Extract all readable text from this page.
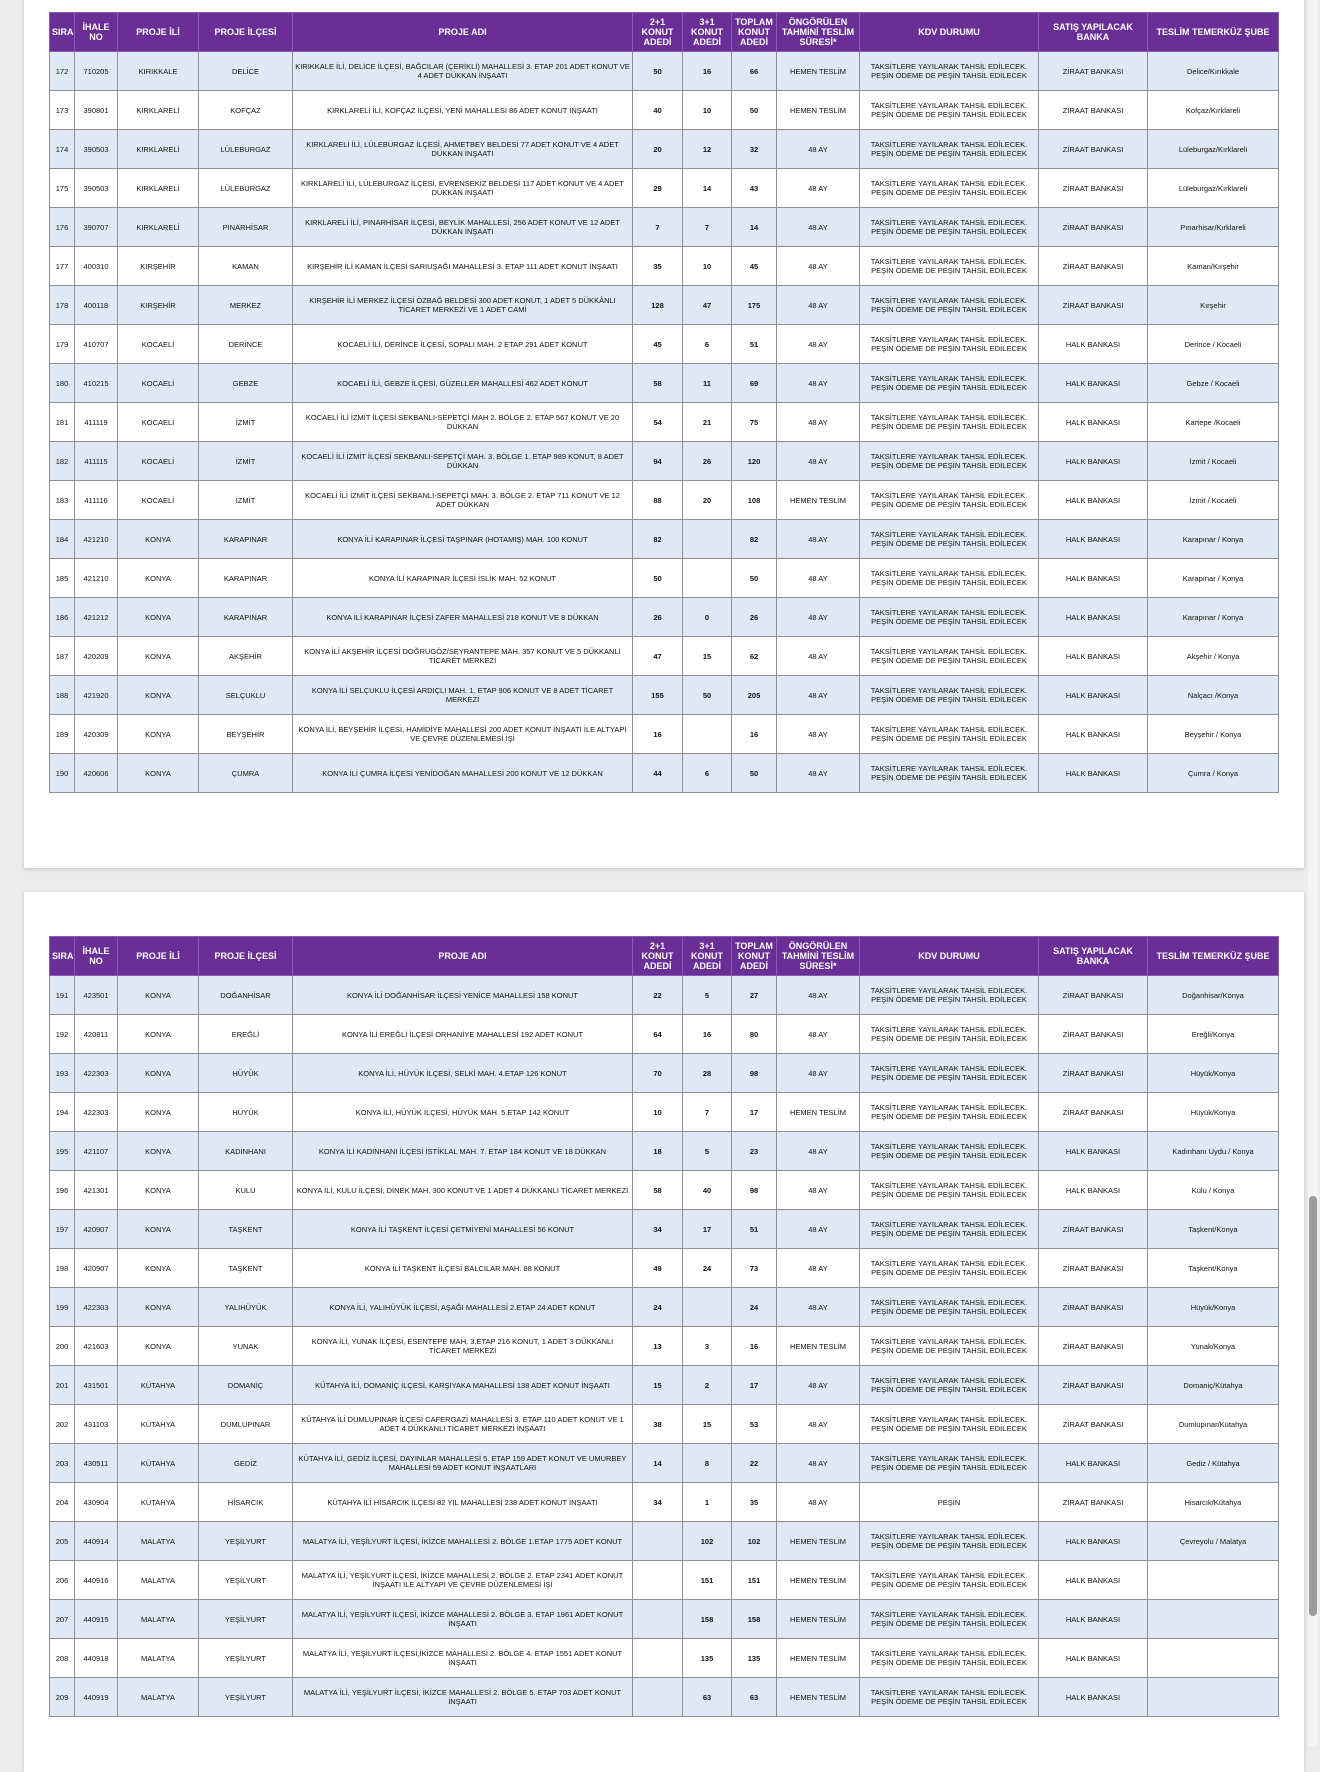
SIRA	İHALE NO	PROJE İLİ	PROJE İLÇESİ	PROJE ADI	2+1 KONUT ADEDİ	3+1 KONUT ADEDİ	TOPLAM KONUT ADEDİ	ÖNGÖRÜLEN TAHMİNİ TESLİM SÜRESİ*	KDV DURUMU	SATIŞ YAPILACAK BANKA	TESLİM TEMERKÜZ ŞUBE
172	710205	KIRIKKALE	DELİCE	KIRIKKALE İLİ, DELİCE İLÇESİ, BAĞCILAR (ÇERİKLİ) MAHALLESİ 3. ETAP 201 ADET KONUT VE 4 ADET DÜKKAN İNŞAATI	50	16	66	HEMEN TESLİM	TAKSİTLERE YAYILARAK TAHSİL EDİLECEK. PEŞİN ÖDEME DE PEŞİN TAHSİL EDİLECEK	ZİRAAT BANKASI	Delice/Kırıkkale
173	390801	KIRKLARELİ	KOFÇAZ	KIRKLARELİ İLİ, KOFÇAZ İLÇESİ, YENİ MAHALLESİ 86 ADET KONUT İNŞAATI	40	10	50	HEMEN TESLİM	TAKSİTLERE YAYILARAK TAHSİL EDİLECEK. PEŞİN ÖDEME DE PEŞİN TAHSİL EDİLECEK	ZİRAAT BANKASI	Kofçaz/Kırklareli
174	390503	KIRKLARELİ	LÜLEBURGAZ	KIRKLARELİ İLİ, LÜLEBURGAZ İLÇESİ, AHMETBEY BELDESİ 77 ADET KONUT VE 4 ADET DÜKKAN İNŞAATI	20	12	32	48 AY	TAKSİTLERE YAYILARAK TAHSİL EDİLECEK. PEŞİN ÖDEME DE PEŞİN TAHSİL EDİLECEK	ZİRAAT BANKASI	Lüleburgaz/Kırklareli
175	390503	KIRKLARELİ	LÜLEBURGAZ	KIRKLARELİ İLİ, LÜLEBURGAZ İLÇESİ, EVRENSEKİZ BELDESİ 117 ADET KONUT VE 4 ADET DÜKKAN İNŞAATI	29	14	43	48 AY	TAKSİTLERE YAYILARAK TAHSİL EDİLECEK. PEŞİN ÖDEME DE PEŞİN TAHSİL EDİLECEK	ZİRAAT BANKASI	Lüleburgaz/Kırklareli
176	390707	KIRKLARELİ	PINARHİSAR	KIRKLARELİ İLİ, PINARHİSAR İLÇESİ, BEYLİK MAHALLESİ, 256 ADET KONUT VE 12 ADET DÜKKAN İNŞAATI	7	7	14	48 AY	TAKSİTLERE YAYILARAK TAHSİL EDİLECEK. PEŞİN ÖDEME DE PEŞİN TAHSİL EDİLECEK	ZİRAAT BANKASI	Pınarhisar/Kırklareli
177	400310	KIRŞEHİR	KAMAN	KIRŞEHİR İLİ KAMAN İLÇESİ SARIUŞAĞI MAHALLESİ 3. ETAP 111 ADET KONUT İNŞAATI	35	10	45	48 AY	TAKSİTLERE YAYILARAK TAHSİL EDİLECEK. PEŞİN ÖDEME DE PEŞİN TAHSİL EDİLECEK	ZİRAAT BANKASI	Kaman/Kırşehir
178	400118	KIRŞEHİR	MERKEZ	KIRŞEHİR İLİ MERKEZ İLÇESİ ÖZBAĞ BELDESİ 300 ADET KONUT, 1 ADET 5 DÜKKÂNLI TİCARET MERKEZİ VE 1 ADET CAMİ	128	47	175	48 AY	TAKSİTLERE YAYILARAK TAHSİL EDİLECEK. PEŞİN ÖDEME DE PEŞİN TAHSİL EDİLECEK	ZİRAAT BANKASI	Kırşehir
179	410707	KOCAELİ	DERİNCE	KOCAELİ İLİ, DERİNCE İLÇESİ, SOPALI MAH. 2 ETAP 291 ADET KONUT	45	6	51	48 AY	TAKSİTLERE YAYILARAK TAHSİL EDİLECEK. PEŞİN ÖDEME DE PEŞİN TAHSİL EDİLECEK	HALK BANKASI	Derince / Kocaeli
180	410215	KOCAELİ	GEBZE	KOCAELİ İLİ, GEBZE İLÇESİ, GÜZELLER MAHALLESİ 462 ADET KONUT	58	11	69	48 AY	TAKSİTLERE YAYILARAK TAHSİL EDİLECEK. PEŞİN ÖDEME DE PEŞİN TAHSİL EDİLECEK	HALK BANKASI	Gebze / Kocaeli
181	411119	KOCAELİ	İZMİT	KOCAELİ İLİ İZMİT İLÇESİ SEKBANLI-SEPETÇİ MAH 2. BÖLGE 2. ETAP 567 KONUT VE 20 DÜKKAN	54	21	75	48 AY	TAKSİTLERE YAYILARAK TAHSİL EDİLECEK. PEŞİN ÖDEME DE PEŞİN TAHSİL EDİLECEK	HALK BANKASI	Kartepe /Kocaeli
182	411115	KOCAELİ	İZMİT	KOCAELİ İLİ İZMİT İLÇESİ SEKBANLI-SEPETÇİ MAH. 3. BÖLGE 1. ETAP 989 KONUT, 8 ADET DÜKKAN	94	26	120	48 AY	TAKSİTLERE YAYILARAK TAHSİL EDİLECEK. PEŞİN ÖDEME DE PEŞİN TAHSİL EDİLECEK	HALK BANKASI	İzmit / Kocaeli
183	411116	KOCAELİ	İZMİT	KOCAELİ İLİ İZMİT İLÇESİ SEKBANLI-SEPETÇİ MAH. 3. BÖLGE 2. ETAP 711 KONUT VE 12 ADET DÜKKAN	88	20	108	HEMEN TESLİM	TAKSİTLERE YAYILARAK TAHSİL EDİLECEK. PEŞİN ÖDEME DE PEŞİN TAHSİL EDİLECEK	HALK BANKASI	İzmit / Kocaeli
184	421210	KONYA	KARAPINAR	KONYA İLİ KARAPINAR İLÇESİ TAŞPINAR (HOTAMIŞ) MAH. 100 KONUT	82		82	48 AY	TAKSİTLERE YAYILARAK TAHSİL EDİLECEK. PEŞİN ÖDEME DE PEŞİN TAHSİL EDİLECEK	HALK BANKASI	Karapınar / Konya
185	421210	KONYA	KARAPINAR	KONYA İLİ KARAPINAR İLÇESİ İSLİK MAH. 52 KONUT	50		50	48 AY	TAKSİTLERE YAYILARAK TAHSİL EDİLECEK. PEŞİN ÖDEME DE PEŞİN TAHSİL EDİLECEK	HALK BANKASI	Karapınar / Konya
186	421212	KONYA	KARAPINAR	KONYA İLİ KARAPINAR İLÇESİ ZAFER MAHALLESİ 218 KONUT VE 8 DÜKKAN	26	0	26	48 AY	TAKSİTLERE YAYILARAK TAHSİL EDİLECEK. PEŞİN ÖDEME DE PEŞİN TAHSİL EDİLECEK	HALK BANKASI	Karapınar / Konya
187	420209	KONYA	AKŞEHİR	KONYA İLİ AKŞEHİR İLÇESİ DOĞRUGÖZ/SEYRANTEPE MAH. 357 KONUT VE 5 DÜKKANLI TİCARET MERKEZİ	47	15	62	48 AY	TAKSİTLERE YAYILARAK TAHSİL EDİLECEK. PEŞİN ÖDEME DE PEŞİN TAHSİL EDİLECEK	HALK BANKASI	Akşehir / Konya
188	421920	KONYA	SELÇUKLU	KONYA İLİ SELÇUKLU İLÇESİ ARDIÇLI MAH. 1. ETAP 906 KONUT VE 8 ADET TİCARET MERKEZİ	155	50	205	48 AY	TAKSİTLERE YAYILARAK TAHSİL EDİLECEK. PEŞİN ÖDEME DE PEŞİN TAHSİL EDİLECEK	HALK BANKASI	Nalçacı /Konya
189	420309	KONYA	BEYŞEHİR	KONYA İLİ, BEYŞEHİR İLÇESİ, HAMİDİYE MAHALLESİ 200 ADET KONUT İNŞAATI İLE ALTYAPI VE ÇEVRE DÜZENLEMESİ İŞİ	16		16	48 AY	TAKSİTLERE YAYILARAK TAHSİL EDİLECEK. PEŞİN ÖDEME DE PEŞİN TAHSİL EDİLECEK	HALK BANKASI	Beyşehir / Konya
190	420606	KONYA	ÇUMRA	KONYA İLİ ÇUMRA İLÇESİ YENİDOĞAN MAHALLESİ 200 KONUT VE 12 DÜKKAN	44	6	50	48 AY	TAKSİTLERE YAYILARAK TAHSİL EDİLECEK. PEŞİN ÖDEME DE PEŞİN TAHSİL EDİLECEK	HALK BANKASI	Çumra / Konya
SIRA	İHALE NO	PROJE İLİ	PROJE İLÇESİ	PROJE ADI	2+1 KONUT ADEDİ	3+1 KONUT ADEDİ	TOPLAM KONUT ADEDİ	ÖNGÖRÜLEN TAHMİNİ TESLİM SÜRESİ*	KDV DURUMU	SATIŞ YAPILACAK BANKA	TESLİM TEMERKÜZ ŞUBE
191	423501	KONYA	DOĞANHİSAR	KONYA İLİ DOĞANHİSAR İLÇESİ YENİCE MAHALLESİ 158 KONUT	22	5	27	48 AY	TAKSİTLERE YAYILARAK TAHSİL EDİLECEK. PEŞİN ÖDEME DE PEŞİN TAHSİL EDİLECEK	ZİRAAT BANKASI	Doğanhisar/Konya
192	420811	KONYA	EREĞLİ	KONYA İLİ EREĞLİ İLÇESİ ORHANİYE MAHALLESİ 192 ADET KONUT	64	16	80	48 AY	TAKSİTLERE YAYILARAK TAHSİL EDİLECEK. PEŞİN ÖDEME DE PEŞİN TAHSİL EDİLECEK	ZİRAAT BANKASI	Ereğli/Konya
193	422303	KONYA	HÜYÜK	KONYA İLİ, HÜYÜK İLÇESİ, SELKİ MAH. 4.ETAP 126 KONUT	70	28	98	48 AY	TAKSİTLERE YAYILARAK TAHSİL EDİLECEK. PEŞİN ÖDEME DE PEŞİN TAHSİL EDİLECEK	ZİRAAT BANKASI	Hüyük/Konya
194	422303	KONYA	HÜYÜK	KONYA İLİ, HÜYÜK İLÇESİ, HÜYÜK MAH. 5.ETAP 142 KONUT	10	7	17	HEMEN TESLİM	TAKSİTLERE YAYILARAK TAHSİL EDİLECEK. PEŞİN ÖDEME DE PEŞİN TAHSİL EDİLECEK	ZİRAAT BANKASI	Hüyük/Konya
195	421107	KONYA	KADINHANI	KONYA İLİ KADINHANI İLÇESİ İSTİKLAL MAH. 7. ETAP 184 KONUT VE 18 DÜKKAN	18	5	23	48 AY	TAKSİTLERE YAYILARAK TAHSİL EDİLECEK. PEŞİN ÖDEME DE PEŞİN TAHSİL EDİLECEK	HALK BANKASI	Kadınhanı Uydu / Konya
196	421301	KONYA	KULU	KONYA İLİ, KULU İLÇESİ, DİNEK MAH. 300 KONUT VE 1 ADET 4 DÜKKANLI TİCARET MERKEZİ	58	40	98	48 AY	TAKSİTLERE YAYILARAK TAHSİL EDİLECEK. PEŞİN ÖDEME DE PEŞİN TAHSİL EDİLECEK	HALK BANKASI	Kulu / Konya
197	420907	KONYA	TAŞKENT	KONYA İLİ TAŞKENT İLÇESİ ÇETMİYENİ MAHALLESİ 56 KONUT	34	17	51	48 AY	TAKSİTLERE YAYILARAK TAHSİL EDİLECEK. PEŞİN ÖDEME DE PEŞİN TAHSİL EDİLECEK	ZİRAAT BANKASI	Taşkent/Konya
198	420907	KONYA	TAŞKENT	KONYA İLİ TAŞKENT İLÇESİ BALCILAR MAH. 88 KONUT	49	24	73	48 AY	TAKSİTLERE YAYILARAK TAHSİL EDİLECEK. PEŞİN ÖDEME DE PEŞİN TAHSİL EDİLECEK	ZİRAAT BANKASI	Taşkent/Konya
199	422303	KONYA	YALIHÜYÜK	KONYA İLİ, YALIHÜYÜK İLÇESİ, AŞAĞI MAHALLESİ 2.ETAP 24 ADET KONUT	24		24	48 AY	TAKSİTLERE YAYILARAK TAHSİL EDİLECEK. PEŞİN ÖDEME DE PEŞİN TAHSİL EDİLECEK	ZİRAAT BANKASI	Hüyük/Konya
200	421603	KONYA	YUNAK	KONYA İLİ, YUNAK İLÇESİ, ESENTEPE MAH. 3.ETAP 216 KONUT, 1 ADET 3 DÜKKANLI TİCARET MERKEZİ	13	3	16	HEMEN TESLİM	TAKSİTLERE YAYILARAK TAHSİL EDİLECEK. PEŞİN ÖDEME DE PEŞİN TAHSİL EDİLECEK	ZİRAAT BANKASI	Yunak/Konya
201	431501	KÜTAHYA	DOMANİÇ	KÜTAHYA İLİ, DOMANİÇ İLÇESİ, KARŞIYAKA MAHALLESİ 138 ADET KONUT İNŞAATI	15	2	17	48 AY	TAKSİTLERE YAYILARAK TAHSİL EDİLECEK. PEŞİN ÖDEME DE PEŞİN TAHSİL EDİLECEK	ZİRAAT BANKASI	Domaniç/Kütahya
202	431103	KÜTAHYA	DUMLUPINAR	KÜTAHYA İLİ DUMLUPINAR İLÇESİ CAFERGAZİ MAHALLESİ 3. ETAP 110 ADET KONUT VE 1 ADET 4 DÜKKANLI TİCARET MERKEZİ İNŞAATI	38	15	53	48 AY	TAKSİTLERE YAYILARAK TAHSİL EDİLECEK. PEŞİN ÖDEME DE PEŞİN TAHSİL EDİLECEK	ZİRAAT BANKASI	Dumlupınar/Kütahya
203	430511	KÜTAHYA	GEDİZ	KÜTAHYA İLİ, GEDİZ İLÇESİ, DAYINLAR MAHALLESİ 5. ETAP 159 ADET KONUT VE UMURBEY MAHALLESİ 59 ADET KONUT İNŞAATLARI	14	8	22	48 AY	TAKSİTLERE YAYILARAK TAHSİL EDİLECEK. PEŞİN ÖDEME DE PEŞİN TAHSİL EDİLECEK	HALK BANKASI	Gediz / Kütahya
204	430904	KÜTAHYA	HİSARCIK	KÜTAHYA İLİ HİSARCIK İLÇESİ 82 YIL MAHALLESİ 238 ADET KONUT İNŞAATI	34	1	35	48 AY	PEŞİN	ZİRAAT BANKASI	Hisarcık/Kütahya
205	440914	MALATYA	YEŞİLYURT	MALATYA İLİ, YEŞİLYURT İLÇESİ, İKİZCE MAHALLESİ 2. BÖLGE 1.ETAP 1775 ADET KONUT		102	102	HEMEN TESLİM	TAKSİTLERE YAYILARAK TAHSİL EDİLECEK. PEŞİN ÖDEME DE PEŞİN TAHSİL EDİLECEK	HALK BANKASI	Çevreyolu / Malatya
206	440916	MALATYA	YEŞİLYURT	MALATYA İLİ, YEŞİLYURT İLÇESİ, İKİZCE MAHALLESİ 2. BÖLGE 2. ETAP 2341 ADET KONUT İNŞAATI İLE ALTYAPI VE ÇEVRE DÜZENLEMESİ İŞİ		151	151	HEMEN TESLİM	TAKSİTLERE YAYILARAK TAHSİL EDİLECEK. PEŞİN ÖDEME DE PEŞİN TAHSİL EDİLECEK	HALK BANKASI	
207	440915	MALATYA	YEŞİLYURT	MALATYA İLİ, YEŞİLYURT İLÇESİ, İKİZCE MAHALLESİ 2. BÖLGE 3. ETAP 1961 ADET KONUT İNŞAATI		158	158	HEMEN TESLİM	TAKSİTLERE YAYILARAK TAHSİL EDİLECEK. PEŞİN ÖDEME DE PEŞİN TAHSİL EDİLECEK	HALK BANKASI	
208	440918	MALATYA	YEŞİLYURT	MALATYA İLİ, YEŞİLYURT İLÇESİ,İKİZCE MAHALLESİ 2. BÖLGE 4. ETAP 1551 ADET KONUT İNŞAATI		135	135	HEMEN TESLİM	TAKSİTLERE YAYILARAK TAHSİL EDİLECEK. PEŞİN ÖDEME DE PEŞİN TAHSİL EDİLECEK	HALK BANKASI	
209	440919	MALATYA	YEŞİLYURT	MALATYA İLİ, YEŞİLYURT İLÇESİ, İKİZCE MAHALLESİ 2. BÖLGE 5. ETAP 703 ADET KONUT İNŞAATI		63	63	HEMEN TESLİM	TAKSİTLERE YAYILARAK TAHSİL EDİLECEK. PEŞİN ÖDEME DE PEŞİN TAHSİL EDİLECEK	HALK BANKASI	
